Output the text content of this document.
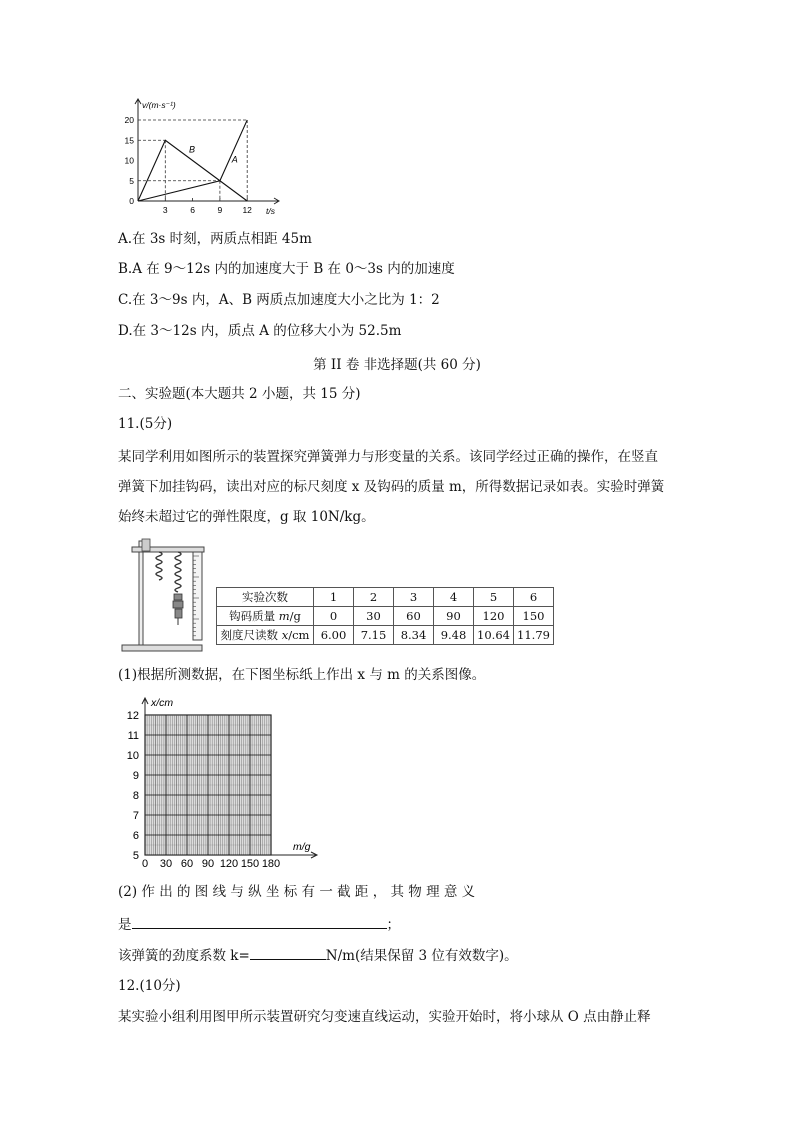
v/(m·s⁻¹)
t/s
0
5
10
15
20
3	6	9 12
B
A
A.在 3s 时刻，两质点相距 45m
B.A 在 9～12s 内的加速度大于 B 在 0～3s 内的加速度
C.在 3～9s 内，A、B 两质点加速度大小之比为 1：2
D.在 3～12s 内，质点 A 的位移大小为 52.5m
第 II 卷 非选择题(共 60 分)
二、实验题(本大题共 2 小题，共 15 分)
11.(5分)
某同学利用如图所示的装置探究弹簧弹力与形变量的关系。该同学经过正确的操作，在竖直
弹簧下加挂钩码，读出对应的标尺刻度 x 及钩码的质量 m，所得数据记录如表。实验时弹簧
始终未超过它的弹性限度，g 取 10N/kg。
实验次数	1	2	3	4	5	6
钩码质量 m/g	0	30	60	90	120	150
刻度尺读数 x/cm	6.00	7.15	8.34	9.48	10.64	11.79
(1)根据所测数据，在下图坐标纸上作出 x 与 m 的关系图像。
x/cm
m/g
5
6
7
8
9
10
11
12
0 30 60 90 120 150 180
(2) 作 出 的 图 线 与 纵 坐 标 有 一 截 距 ， 其 物 理 意 义
是	；
该弹簧的劲度系数 k=	N/m(结果保留 3 位有效数字)。
12.(10分)
某实验小组利用图甲所示装置研究匀变速直线运动，实验开始时，将小球从 O 点由静止释
